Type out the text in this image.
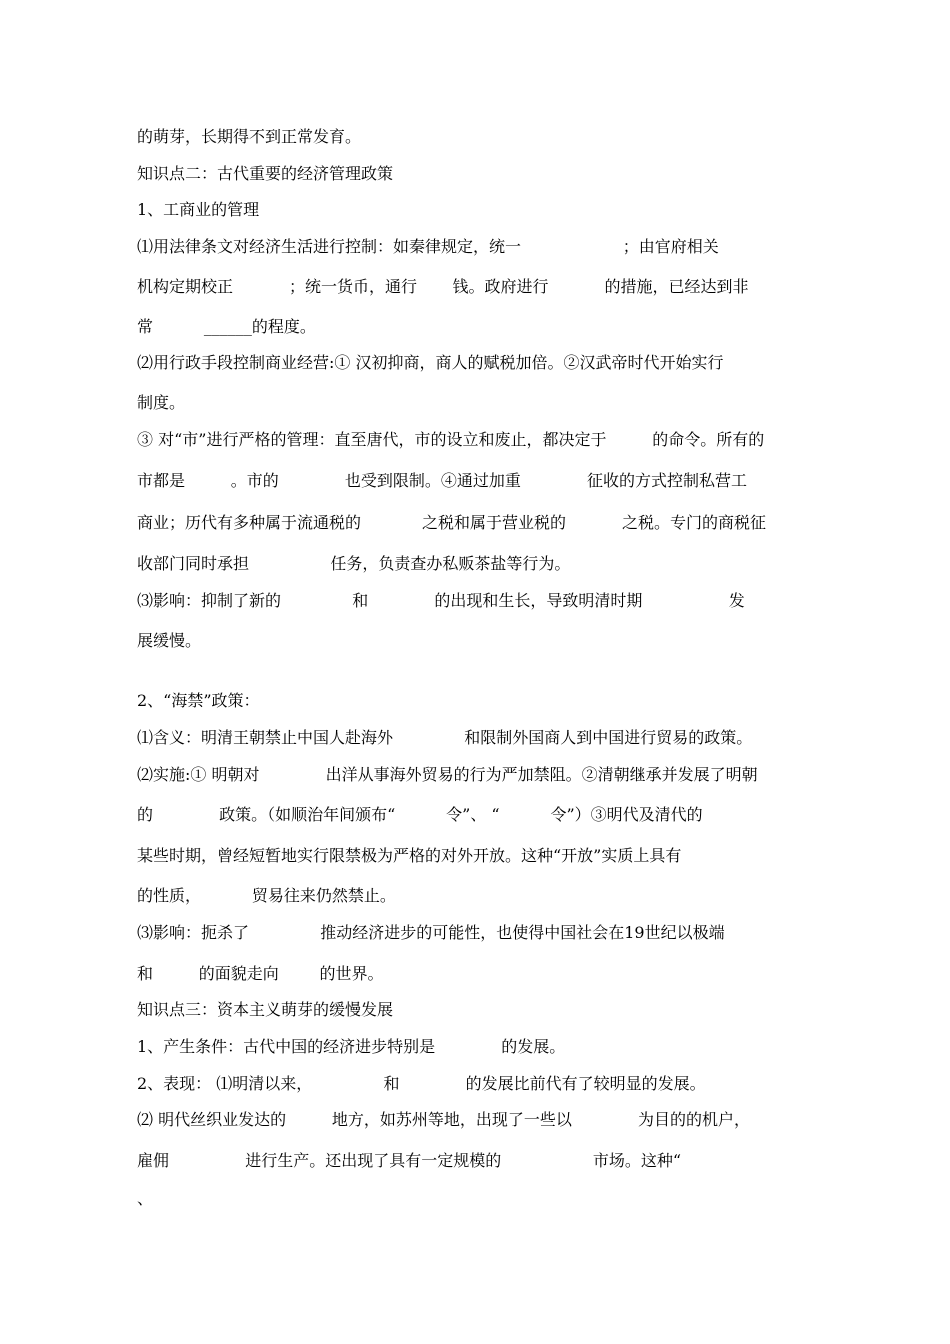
的萌芽，长期得不到正常发育。

知识点二：古代重要的经济管理政策

1、工商业的管理

⑴用法律条文对经济生活进行控制：如秦律规定，统一                    ；由官府相关

机构定期校正           ；统一货币，通行       钱。政府进行           的措施，已经达到非

常          ______的程度。

⑵用行政手段控制商业经营:① 汉初抑商，商人的赋税加倍。②汉武帝时代开始实行

制度。

③ 对“市”进行严格的管理：直至唐代，市的设立和废止，都决定于         的命令。所有的

市都是         。市的             也受到限制。④通过加重             征收的方式控制私营工

商业；历代有多种属于流通税的            之税和属于营业税的           之税。专门的商税征

收部门同时承担                任务，负责查办私贩茶盐等行为。

⑶影响：抑制了新的              和             的出现和生长，导致明清时期                 发

展缓慢。

2、“海禁”政策：

⑴含义：明清王朝禁止中国人赴海外              和限制外国商人到中国进行贸易的政策。

⑵实施:① 明朝对             出洋从事海外贸易的行为严加禁阻。②清朝继承并发展了明朝

的             政策。（如顺治年间颁布“          令”、 “          令”）③明代及清代的

某些时期，曾经短暂地实行限禁极为严格的对外开放。这种“开放”实质上具有

的性质，          贸易往来仍然禁止。

⑶影响：扼杀了              推动经济进步的可能性，也使得中国社会在19世纪以极端

和         的面貌走向        的世界。

知识点三：资本主义萌芽的缓慢发展

1、产生条件：古代中国的经济进步特别是             的发展。

2、表现： ⑴明清以来，              和             的发展比前代有了较明显的发展。

⑵ 明代丝织业发达的         地方，如苏州等地，出现了一些以             为目的的机户，

雇佣               进行生产。还出现了具有一定规模的                  市场。这种“

、
